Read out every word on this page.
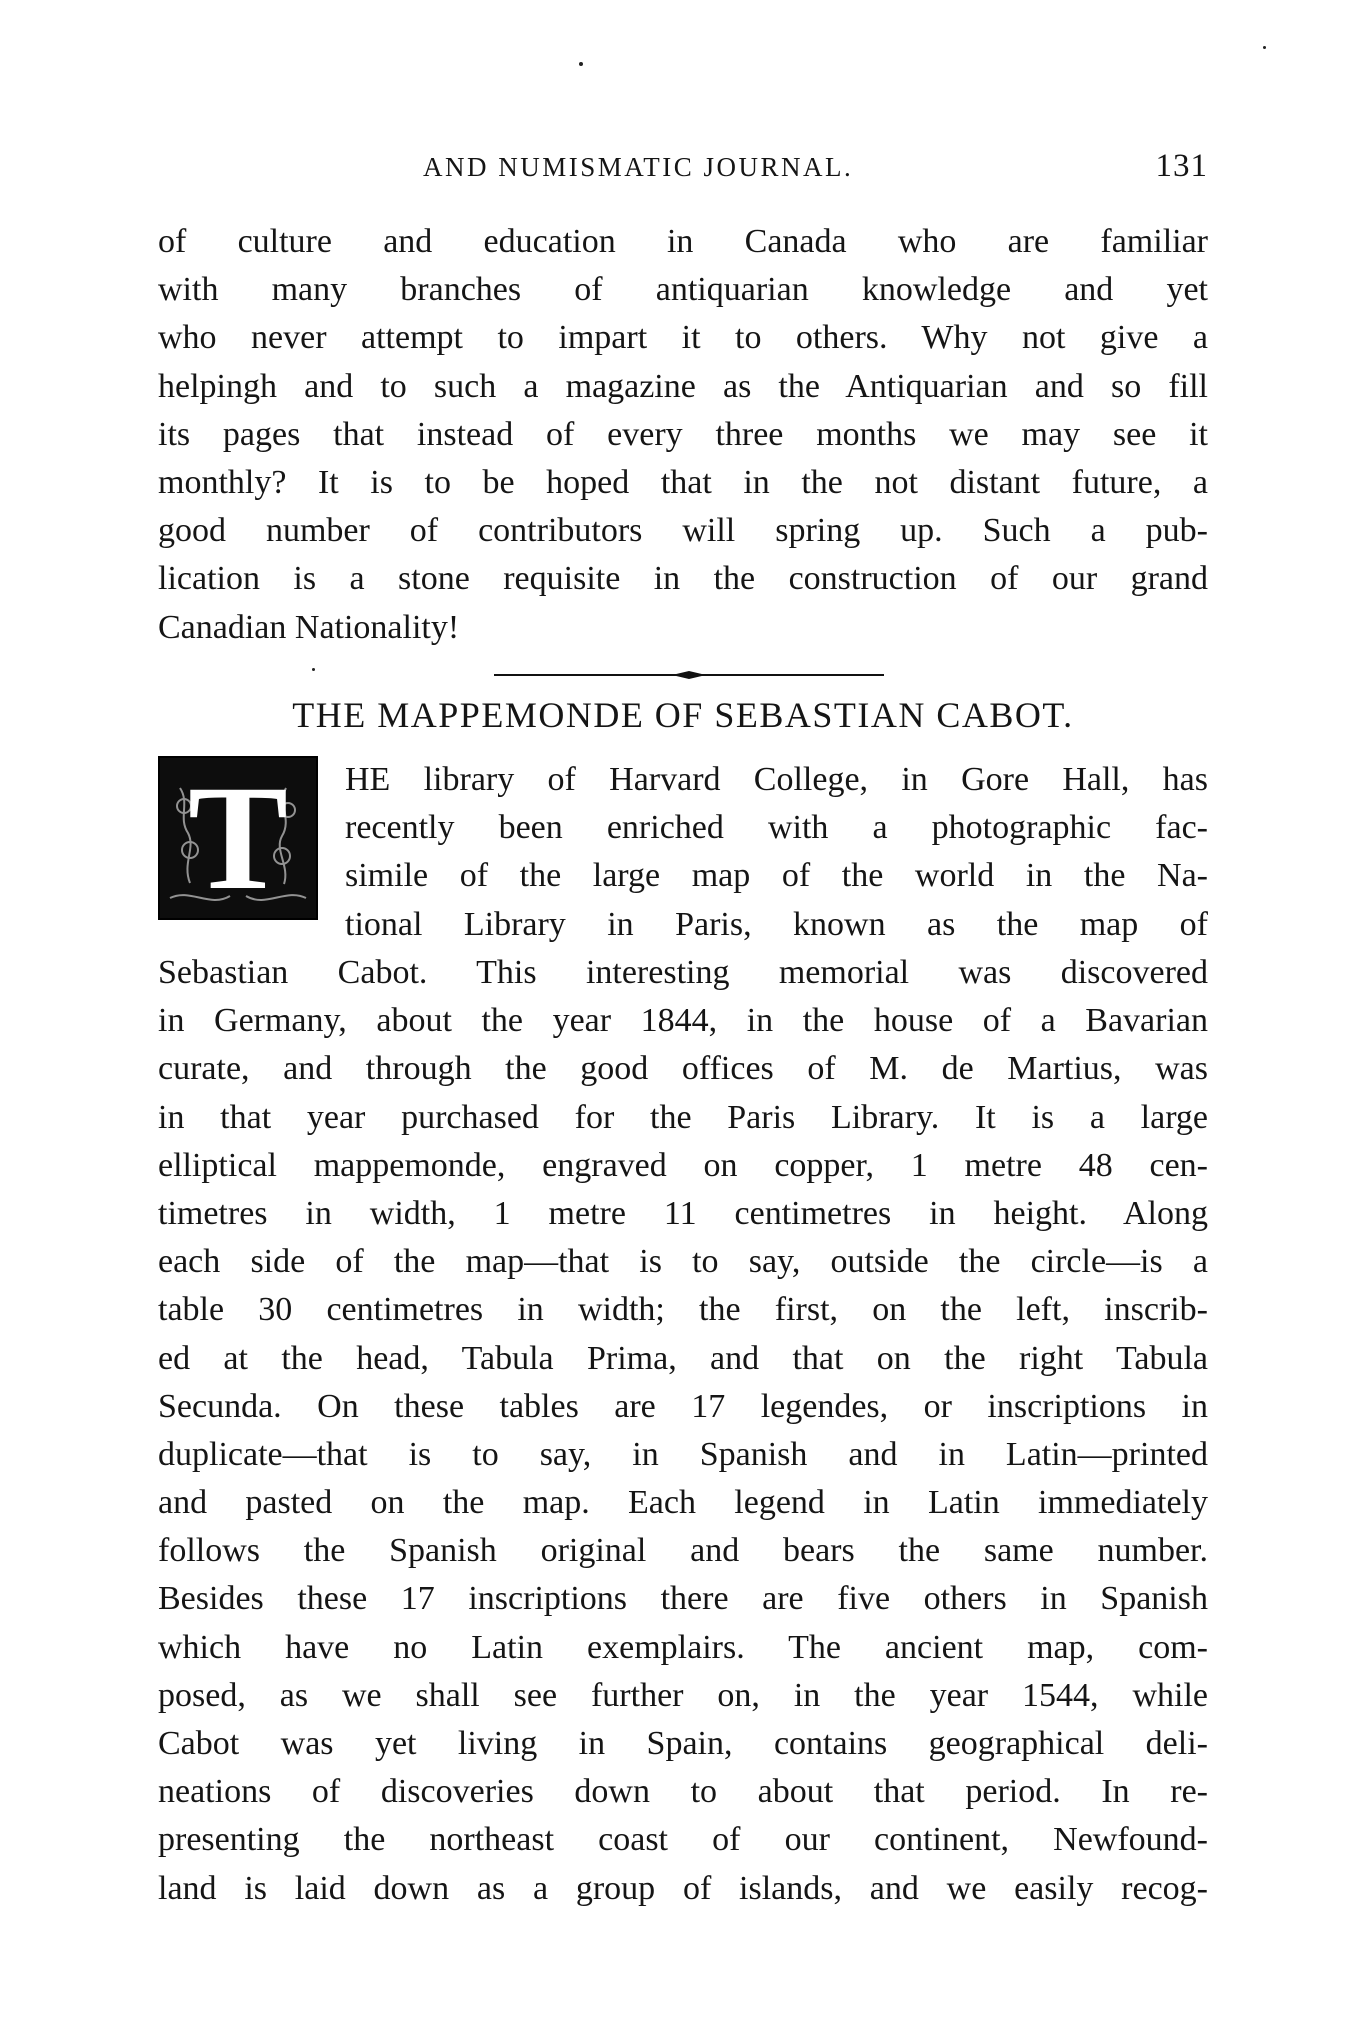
AND NUMISMATIC JOURNAL.	131
of culture and education in Canada who are familiar
with many branches of antiquarian knowledge and yet
who never attempt to impart it to others. Why not give a
helpingh and to such a magazine as the Antiquarian and so fill
its pages that instead of every three months we may see it
monthly? It is to be hoped that in the not distant future, a
good number of contributors will spring up. Such a pub-
lication is a stone requisite in the construction of our grand
Canadian Nationality!
THE MAPPEMONDE OF SEBASTIAN CABOT.
T	HE library of Harvard College, in Gore Hall, has
recently been enriched with a photographic fac-
simile of the large map of the world in the Na-
tional Library in Paris, known as the map of
Sebastian Cabot. This interesting memorial was discovered
in Germany, about the year 1844, in the house of a Bavarian
curate, and through the good offices of M. de Martius, was
in that year purchased for the Paris Library. It is a large
elliptical mappemonde, engraved on copper, 1 metre 48 cen-
timetres in width, 1 metre 11 centimetres in height. Along
each side of the map—that is to say, outside the circle—is a
table 30 centimetres in width; the first, on the left, inscrib-
ed at the head, Tabula Prima, and that on the right Tabula
Secunda. On these tables are 17 legendes, or inscriptions in
duplicate—that is to say, in Spanish and in Latin—printed
and pasted on the map. Each legend in Latin immediately
follows the Spanish original and bears the same number.
Besides these 17 inscriptions there are five others in Spanish
which have no Latin exemplairs. The ancient map, com-
posed, as we shall see further on, in the year 1544, while
Cabot was yet living in Spain, contains geographical deli-
neations of discoveries down to about that period. In re-
presenting the northeast coast of our continent, Newfound-
land is laid down as a group of islands, and we easily recog-
